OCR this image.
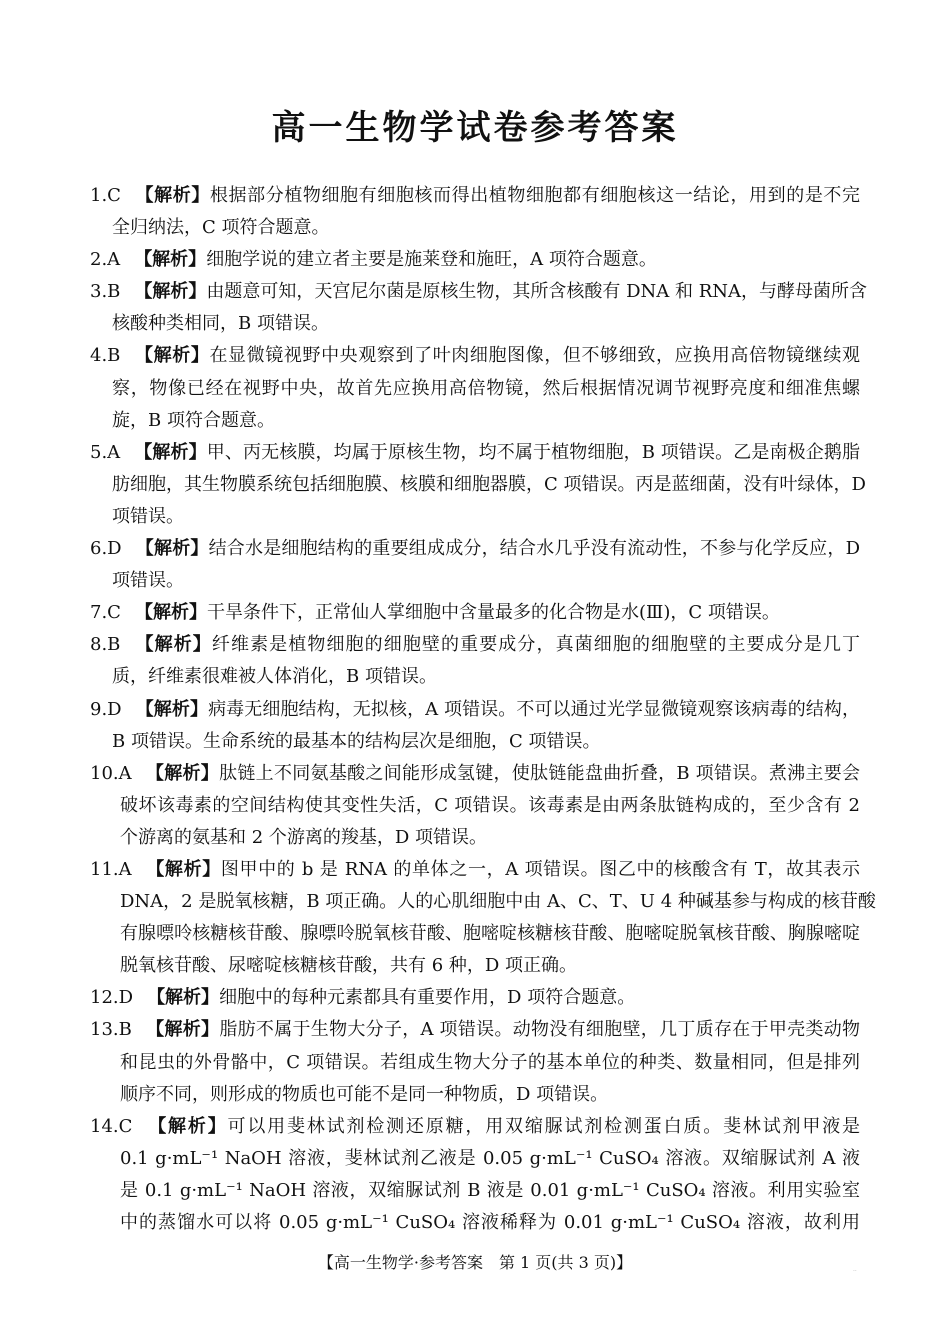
高一生物学试卷参考答案
1.C 【解析】根据部分植物细胞有细胞核而得出植物细胞都有细胞核这一结论，用到的是不完
全归纳法，C 项符合题意。
2.A 【解析】细胞学说的建立者主要是施莱登和施旺，A 项符合题意。
3.B 【解析】由题意可知，天宫尼尔菌是原核生物，其所含核酸有 DNA 和 RNA，与酵母菌所含
核酸种类相同，B 项错误。
4.B 【解析】在显微镜视野中央观察到了叶肉细胞图像，但不够细致，应换用高倍物镜继续观
察，物像已经在视野中央，故首先应换用高倍物镜，然后根据情况调节视野亮度和细准焦螺
旋，B 项符合题意。
5.A 【解析】甲、丙无核膜，均属于原核生物，均不属于植物细胞，B 项错误。乙是南极企鹅脂
肪细胞，其生物膜系统包括细胞膜、核膜和细胞器膜，C 项错误。丙是蓝细菌，没有叶绿体，D
项错误。
6.D 【解析】结合水是细胞结构的重要组成成分，结合水几乎没有流动性，不参与化学反应，D
项错误。
7.C 【解析】干旱条件下，正常仙人掌细胞中含量最多的化合物是水(Ⅲ)，C 项错误。
8.B 【解析】纤维素是植物细胞的细胞壁的重要成分，真菌细胞的细胞壁的主要成分是几丁
质，纤维素很难被人体消化，B 项错误。
9.D 【解析】病毒无细胞结构，无拟核，A 项错误。不可以通过光学显微镜观察该病毒的结构，
B 项错误。生命系统的最基本的结构层次是细胞，C 项错误。
10.A 【解析】肽链上不同氨基酸之间能形成氢键，使肽链能盘曲折叠，B 项错误。煮沸主要会
破坏该毒素的空间结构使其变性失活，C 项错误。该毒素是由两条肽链构成的，至少含有 2
个游离的氨基和 2 个游离的羧基，D 项错误。
11.A 【解析】图甲中的 b 是 RNA 的单体之一，A 项错误。图乙中的核酸含有 T，故其表示
DNA，2 是脱氧核糖，B 项正确。人的心肌细胞中由 A、C、T、U 4 种碱基参与构成的核苷酸
有腺嘌呤核糖核苷酸、腺嘌呤脱氧核苷酸、胞嘧啶核糖核苷酸、胞嘧啶脱氧核苷酸、胸腺嘧啶
脱氧核苷酸、尿嘧啶核糖核苷酸，共有 6 种，D 项正确。
12.D 【解析】细胞中的每种元素都具有重要作用，D 项符合题意。
13.B 【解析】脂肪不属于生物大分子，A 项错误。动物没有细胞壁，几丁质存在于甲壳类动物
和昆虫的外骨骼中，C 项错误。若组成生物大分子的基本单位的种类、数量相同，但是排列
顺序不同，则形成的物质也可能不是同一种物质，D 项错误。
14.C 【解析】可以用斐林试剂检测还原糖，用双缩脲试剂检测蛋白质。斐林试剂甲液是
0.1 g·mL⁻¹ NaOH 溶液，斐林试剂乙液是 0.05 g·mL⁻¹ CuSO₄ 溶液。双缩脲试剂 A 液
是 0.1 g·mL⁻¹ NaOH 溶液，双缩脲试剂 B 液是 0.01 g·mL⁻¹ CuSO₄ 溶液。利用实验室
中的蒸馏水可以将 0.05 g·mL⁻¹ CuSO₄ 溶液稀释为 0.01 g·mL⁻¹ CuSO₄ 溶液，故利用
【高一生物学·参考答案　第 1 页(共 3 页)】	..
